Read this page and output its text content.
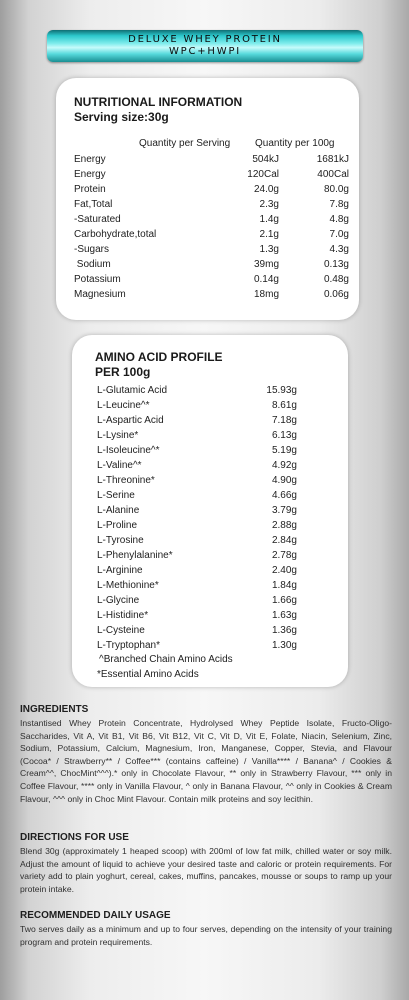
DELUXE WHEY PROTEIN
WPC+HWPI
NUTRITIONAL INFORMATION
Serving size:30g
Quantity per Serving Quantity per 100g
Energy	504kJ	1681kJ
Energy	120Cal	400Cal
Protein	24.0g	80.0g
Fat,Total	2.3g	7.8g
-Saturated	1.4g	4.8g
Carbohydrate,total	2.1g	7.0g
-Sugars	1.3g	4.3g
Sodium	39mg	0.13g
Potassium	0.14g	0.48g
Magnesium	18mg	0.06g
AMINO ACID PROFILE
PER 100g
L-Glutamic Acid	15.93g
L-Leucine^*	8.61g
L-Aspartic Acid	7.18g
L-Lysine*	6.13g
L-Isoleucine^*	5.19g
L-Valine^*	4.92g
L-Threonine*	4.90g
L-Serine	4.66g
L-Alanine	3.79g
L-Proline	2.88g
L-Tyrosine	2.84g
L-Phenylalanine*	2.78g
L-Arginine	2.40g
L-Methionine*	1.84g
L-Glycine	1.66g
L-Histidine*	1.63g
L-Cysteine	1.36g
L-Tryptophan*	1.30g
^Branched Chain Amino Acids
*Essential Amino Acids
INGREDIENTS
Instantised Whey Protein Concentrate, Hydrolysed Whey Peptide Isolate, Fructo-Oligo-Saccharides, Vit A, Vit B1, Vit B6, Vit B12, Vit C, Vit D, Vit E, Folate, Niacin, Selenium, Zinc, Sodium, Potassium, Calcium, Magnesium, Iron, Manganese, Copper, Stevia, and Flavour (Cocoa* / Strawberry** / Coffee*** (contains caffeine) / Vanilla**** / Banana^ / Cookies & Cream^^, ChocMint^^^).* only in Chocolate Flavour, ** only in Strawberry Flavour, *** only in Coffee Flavour, **** only in Vanilla Flavour, ^ only in Banana Flavour, ^^ only in Cookies & Cream Flavour, ^^^ only in Choc Mint Flavour. Contain milk proteins and soy lecithin.
DIRECTIONS FOR USE
Blend 30g (approximately 1 heaped scoop) with 200ml of low fat milk, chilled water or soy milk. Adjust the amount of liquid to achieve your desired taste and caloric or protein requirements. For variety add to plain yoghurt, cereal, cakes, muffins, pancakes, mousse or soups to ramp up your protein intake.
RECOMMENDED DAILY USAGE
Two serves daily as a minimum and up to four serves, depending on the intensity of your training program and protein requirements.
